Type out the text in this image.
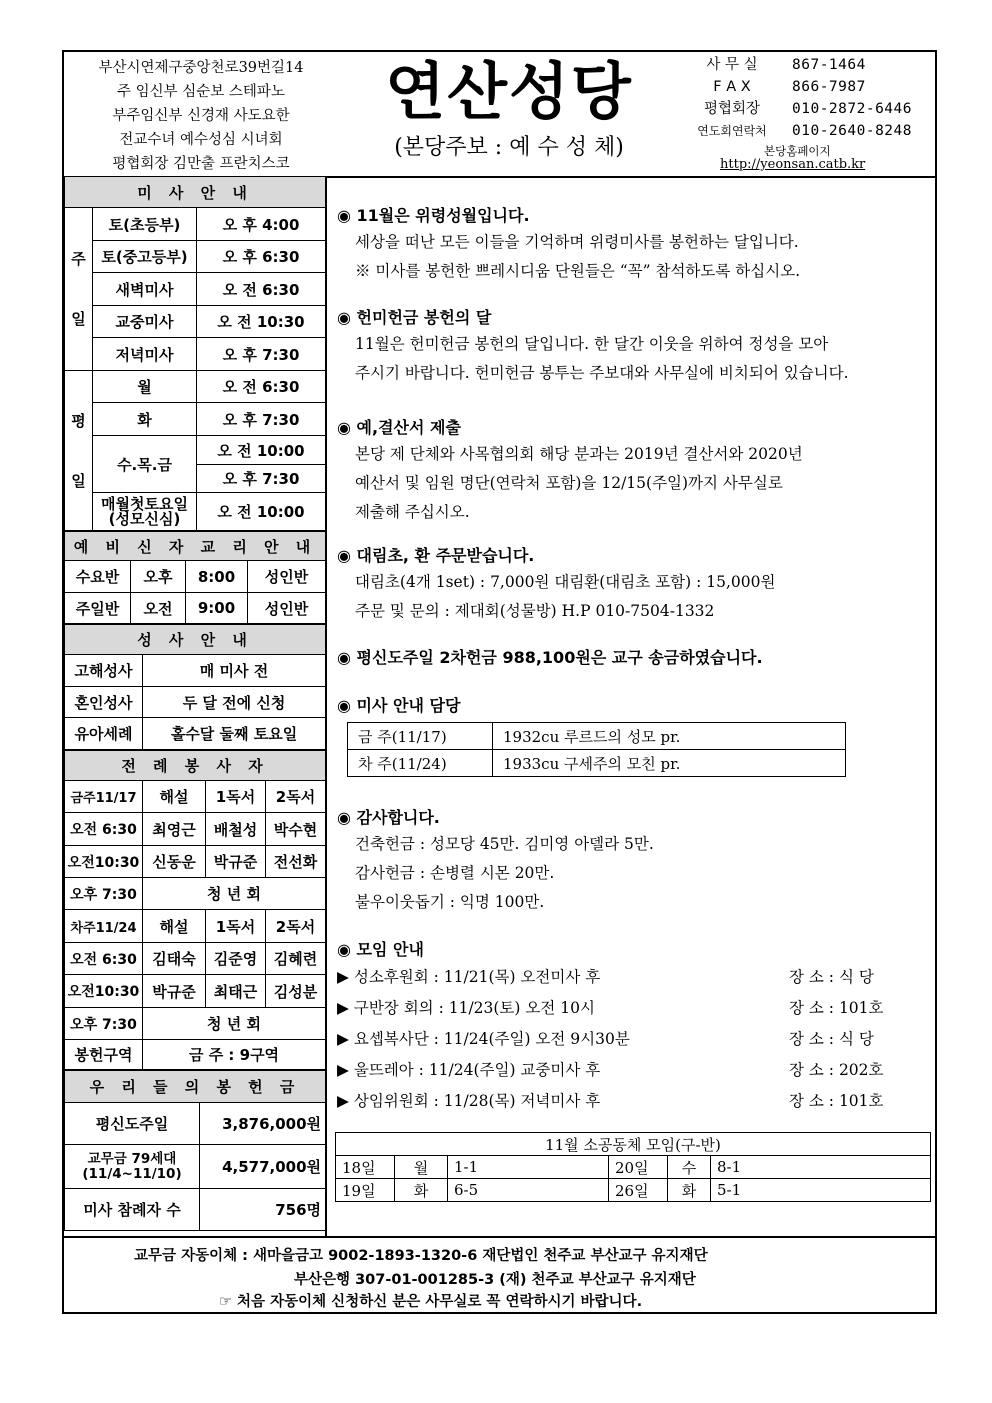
부산시연제구중앙천로39번길14
주 임신부 심순보 스테파노
부주임신부 신경재 사도요한
전교수녀 예수성심 시녀회
평협회장 김만출 프란치스코
연산성당
(본당주보 : 예 수 성 체)
사 무 실	867-1464
F A X	866-7987
평협회장	010-2872-6446
연도회연락처	010-2640-8248
본당홈페이지
http://yeonsan.catb.kr
미 사 안 내		
주

일	토(초등부)	오 후 4:00
	토(중고등부)	오 후 6:30
	새벽미사	오 전 6:30
	교중미사	오 전 10:30
	저녁미사	오 후 7:30
평

일	월	오 전 6:30
	화	오 후 7:30
	수.목.금	오 전 10:00
		오 후 7:30
	매월첫토요일 (성모신심)	오 전 10:00
예 비 신 자 교 리 안 내			
수요반	오후	8:00	성인반
주일반	오전	9:00	성인반
성 사 안 내	
고해성사	매 미사 전
혼인성사	두 달 전에 신청
유아세례	홀수달 둘째 토요일
전 례 봉 사 자			
금주11/17	해설	1독서	2독서
오전 6:30	최영근	배철성	박수현
오전10:30	신동운	박규준	전선화
오후 7:30	청 년 회		
차주11/24	해설	1독서	2독서
오전 6:30	김태숙	김준영	김혜련
오전10:30	박규준	최태근	김성분
오후 7:30	청 년 회		
봉헌구역	금 주 : 9구역		
우 리 들 의 봉 헌 금	
평신도주일	3,876,000원
교무금 79세대 (11/4~11/10)	4,577,000원
미사 참례자 수	756명
◉ 11월은 위령성월입니다.

세상을 떠난 모든 이들을 기억하며 위령미사를 봉헌하는 달입니다.

※ 미사를 봉헌한 쁘레시디움 단원들은 “꼭” 참석하도록 하십시오.

◉ 헌미헌금 봉헌의 달

11월은 헌미헌금 봉헌의 달입니다. 한 달간 이웃을 위하여 정성을 모아

주시기 바랍니다. 헌미헌금 봉투는 주보대와 사무실에 비치되어 있습니다.

◉ 예,결산서 제출

본당 제 단체와 사목협의회 해당 분과는 2019년 결산서와 2020년

예산서 및 임원 명단(연락처 포함)을 12/15(주일)까지 사무실로

제출해 주십시오.

◉ 대림초, 환 주문받습니다.

대림초(4개 1set) : 7,000원 대림환(대림초 포함) : 15,000원

주문 및 문의 : 제대회(성물방) H.P 010-7504-1332

◉ 평신도주일 2차헌금 988,100원은 교구 송금하였습니다.
◉ 미사 안내 담당
금 주(11/17)	1932cu 루르드의 성모 pr.
차 주(11/24)	1933cu 구세주의 모친 pr.
◉ 감사합니다.

건축헌금 : 성모당 45만. 김미영 아델라 5만.

감사헌금 : 손병렬 시몬 20만.

불우이웃돕기 : 익명 100만.

◉ 모임 안내
▶ 성소후원회 : 11/21(목) 오전미사 후	장 소 : 식 당
▶ 구반장 회의 : 11/23(토) 오전 10시	장 소 : 101호
▶ 요셉복사단 : 11/24(주일) 오전 9시30분	장 소 : 식 당
▶ 울뜨레아 : 11/24(주일) 교중미사 후	장 소 : 202호
▶ 상임위원회 : 11/28(목) 저녁미사 후	장 소 : 101호
11월 소공동체 모임(구-반)					
18일	월	1-1	20일	수	8-1
19일	화	6-5	26일	화	5-1
교무금 자동이체 : 새마을금고 9002-1893-1320-6 재단법인 천주교 부산교구 유지재단
부산은행 307-01-001285-3 (재) 천주교 부산교구 유지재단
☞ 처음 자동이체 신청하신 분은 사무실로 꼭 연락하시기 바랍니다.
